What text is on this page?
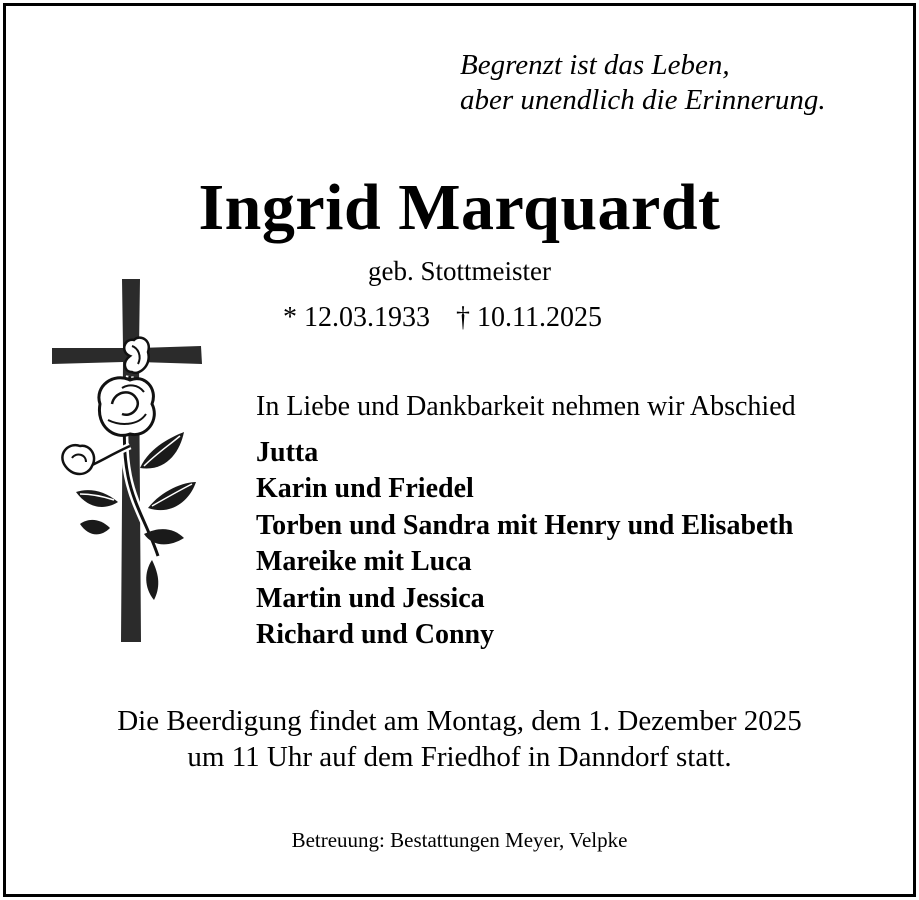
Begrenzt ist das Leben,
aber unendlich die Erinnerung.
Ingrid Marquardt
geb. Stottmeister
* 12.03.1933 † 10.11.2025
In Liebe und Dankbarkeit nehmen wir Abschied
Jutta
Karin und Friedel
Torben und Sandra mit Henry und Elisabeth
Mareike mit Luca
Martin und Jessica
Richard und Conny
Die Beerdigung findet am Montag, dem 1. Dezember 2025
um 11 Uhr auf dem Friedhof in Danndorf statt.
Betreuung: Bestattungen Meyer, Velpke
